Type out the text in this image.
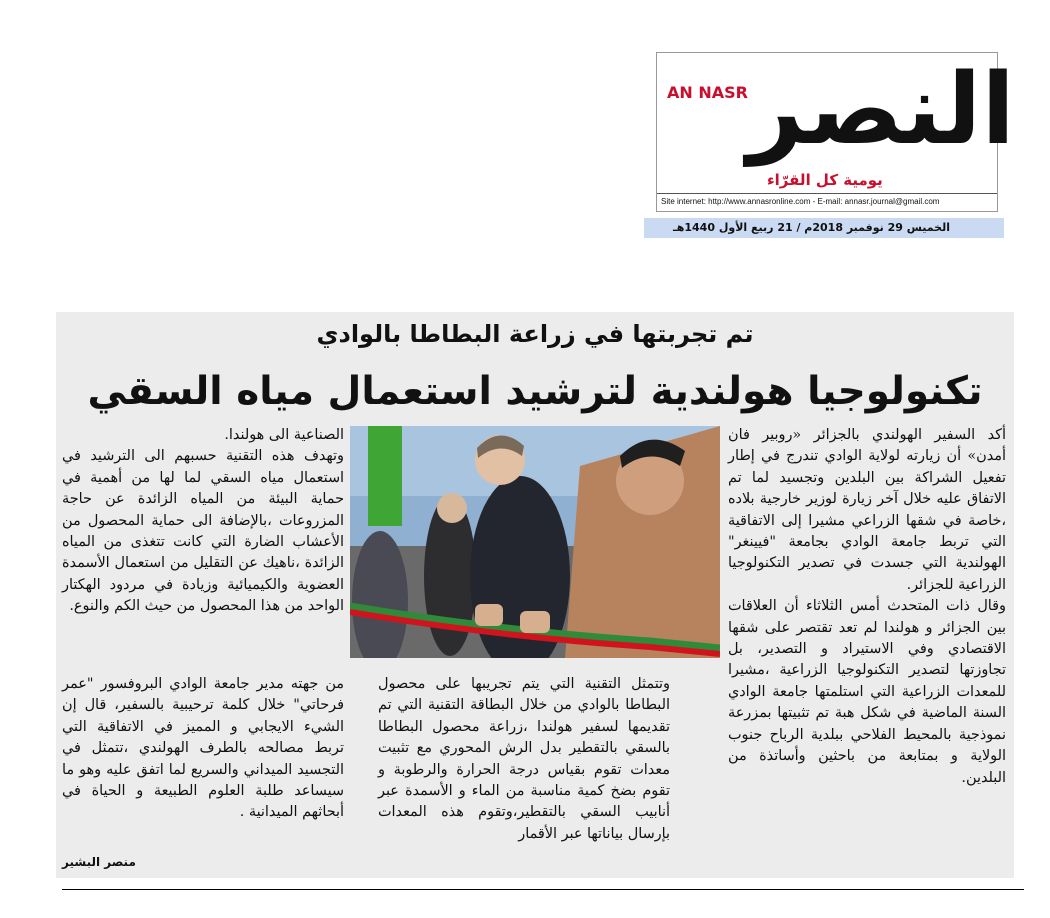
AN NASR النصر
يومية كل القرّاء
Site internet: http://www.annasronline.com - E-mail: annasr.journal@gmail.com
الخميس 29 نوفمبر 2018م / 21 ربيع الأول 1440هـ
تم تجربتها في زراعة البطاطا بالوادي
تكنولوجيا هولندية لترشيد استعمال مياه السقي

أكد السفير الهولندي بالجزائر «روبير فان أمدن» أن زيارته لولاية الوادي تندرج في إطار تفعيل الشراكة بين البلدين وتجسيد لما تم الاتفاق عليه خلال آخر زيارة لوزير خارجية بلاده ،خاصة في شقها الزراعي مشيرا إلى الاتفاقية التي تربط جامعة الوادي بجامعة "فيينغر" الهولندية التي جسدت في تصدير التكنولوجيا الزراعية للجزائر.

وقال ذات المتحدث أمس الثلاثاء أن العلاقات بين الجزائر و هولندا لم تعد تقتصر على شقها الاقتصادي وفي الاستيراد و التصدير، بل تجاوزتها لتصدير التكنولوجيا الزراعية ،مشيرا للمعدات الزراعية التي استلمتها جامعة الوادي السنة الماضية في شكل هبة تم تثبيتها بمزرعة نموذجية بالمحيط الفلاحي ببلدية الرباح جنوب الولاية و بمتابعة من باحثين وأساتذة من البلدين.

الصناعية الى هولندا.

وتهدف هذه التقنية حسبهم الى الترشيد في استعمال مياه السقي لما لها من أهمية في حماية البيئة من المياه الزائدة عن حاجة المزروعات ،بالإضافة الى حماية المحصول من الأعشاب الضارة التي كانت تتغذى من المياه الزائدة ،ناهيك عن التقليل من استعمال الأسمدة العضوية والكيميائية وزيادة في مردود الهكتار الواحد من هذا المحصول من حيث الكم والنوع.

وتتمثل التقنية التي يتم تجريبها على محصول البطاطا بالوادي من خلال البطاقة التقنية التي تم تقديمها لسفير هولندا ،زراعة محصول البطاطا بالسقي بالتقطير بدل الرش المحوري مع تثبيت معدات تقوم بقياس درجة الحرارة والرطوبة و تقوم بضخ كمية مناسبة من الماء و الأسمدة عبر أنابيب السقي بالتقطير،وتقوم هذه المعدات بإرسال بياناتها عبر الأقمار

من جهته مدير جامعة الوادي البروفسور "عمر فرحاتي" خلال كلمة ترحيبية بالسفير، قال إن الشيء الايجابي و المميز في الاتفاقية التي تربط مصالحه بالطرف الهولندي ،تتمثل في التجسيد الميداني والسريع لما اتفق عليه وهو ما سيساعد طلبة العلوم الطبيعة و الحياة في أبحاثهم الميدانية .

منصر البشير
